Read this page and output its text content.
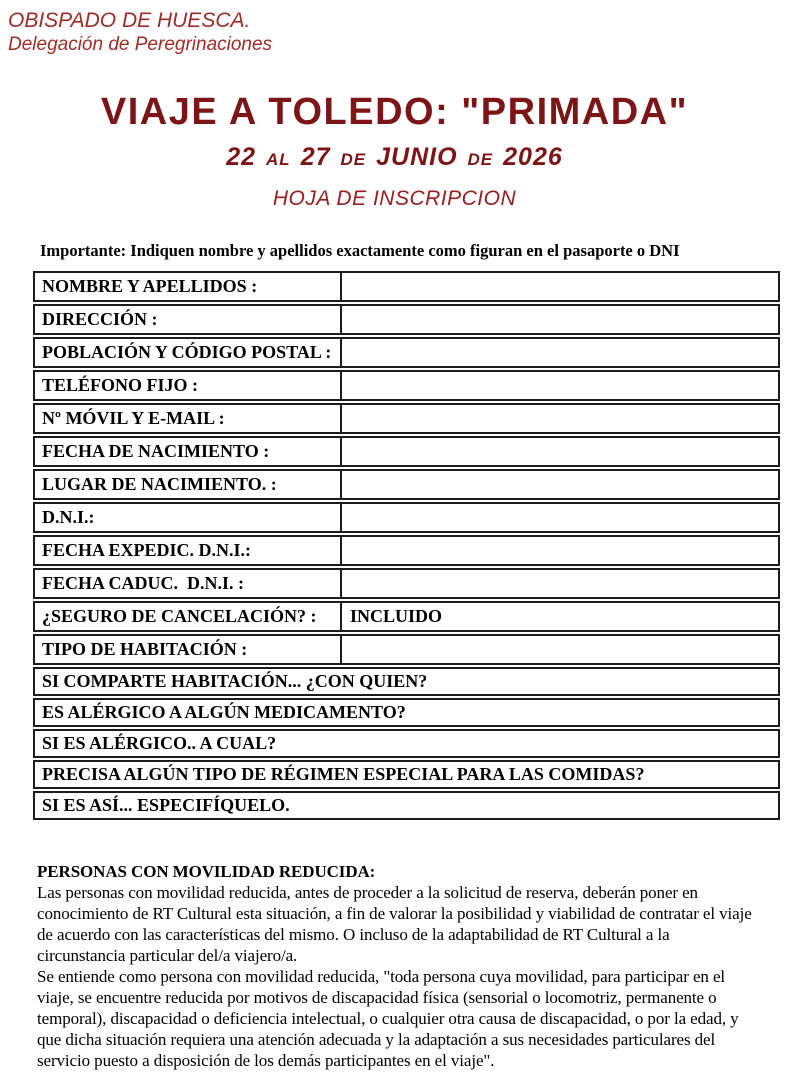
OBISPADO DE HUESCA.
Delegación de Peregrinaciones
VIAJE A TOLEDO: "PRIMADA"
22 AL 27 DE JUNIO DE 2026
HOJA DE INSCRIPCION
Importante: Indiquen nombre y apellidos exactamente como figuran en el pasaporte o DNI
NOMBRE Y APELLIDOS :
DIRECCIÓN :
POBLACIÓN Y CÓDIGO POSTAL :
TELÉFONO FIJO :
Nº MÓVIL Y E-MAIL :
FECHA DE NACIMIENTO :
LUGAR DE NACIMIENTO. :
D.N.I.:
FECHA EXPEDIC. D.N.I.:
FECHA CADUC.  D.N.I. :
¿SEGURO DE CANCELACIÓN? :	INCLUIDO
TIPO DE HABITACIÓN :
SI COMPARTE HABITACIÓN... ¿CON QUIEN?
ES ALÉRGICO A ALGÚN MEDICAMENTO?
SI ES ALÉRGICO.. A CUAL?
PRECISA ALGÚN TIPO DE RÉGIMEN ESPECIAL PARA LAS COMIDAS?
SI ES ASÍ... ESPECIFÍQUELO.

PERSONAS CON MOVILIDAD REDUCIDA:

Las personas con movilidad reducida, antes de proceder a la solicitud de reserva, deberán poner en conocimiento de RT Cultural esta situación, a fin de valorar la posibilidad y viabilidad de contratar el viaje de acuerdo con las características del mismo. O incluso de la adaptabilidad de RT Cultural a la circunstancia particular del/a viajero/a.

Se entiende como persona con movilidad reducida, "toda persona cuya movilidad, para participar en el viaje, se encuentre reducida por motivos de discapacidad física (sensorial o locomotriz, permanente o temporal), discapacidad o deficiencia intelectual, o cualquier otra causa de discapacidad, o por la edad, y que dicha situación requiera una atención adecuada y la adaptación a sus necesidades particulares del servicio puesto a disposición de los demás participantes en el viaje".
